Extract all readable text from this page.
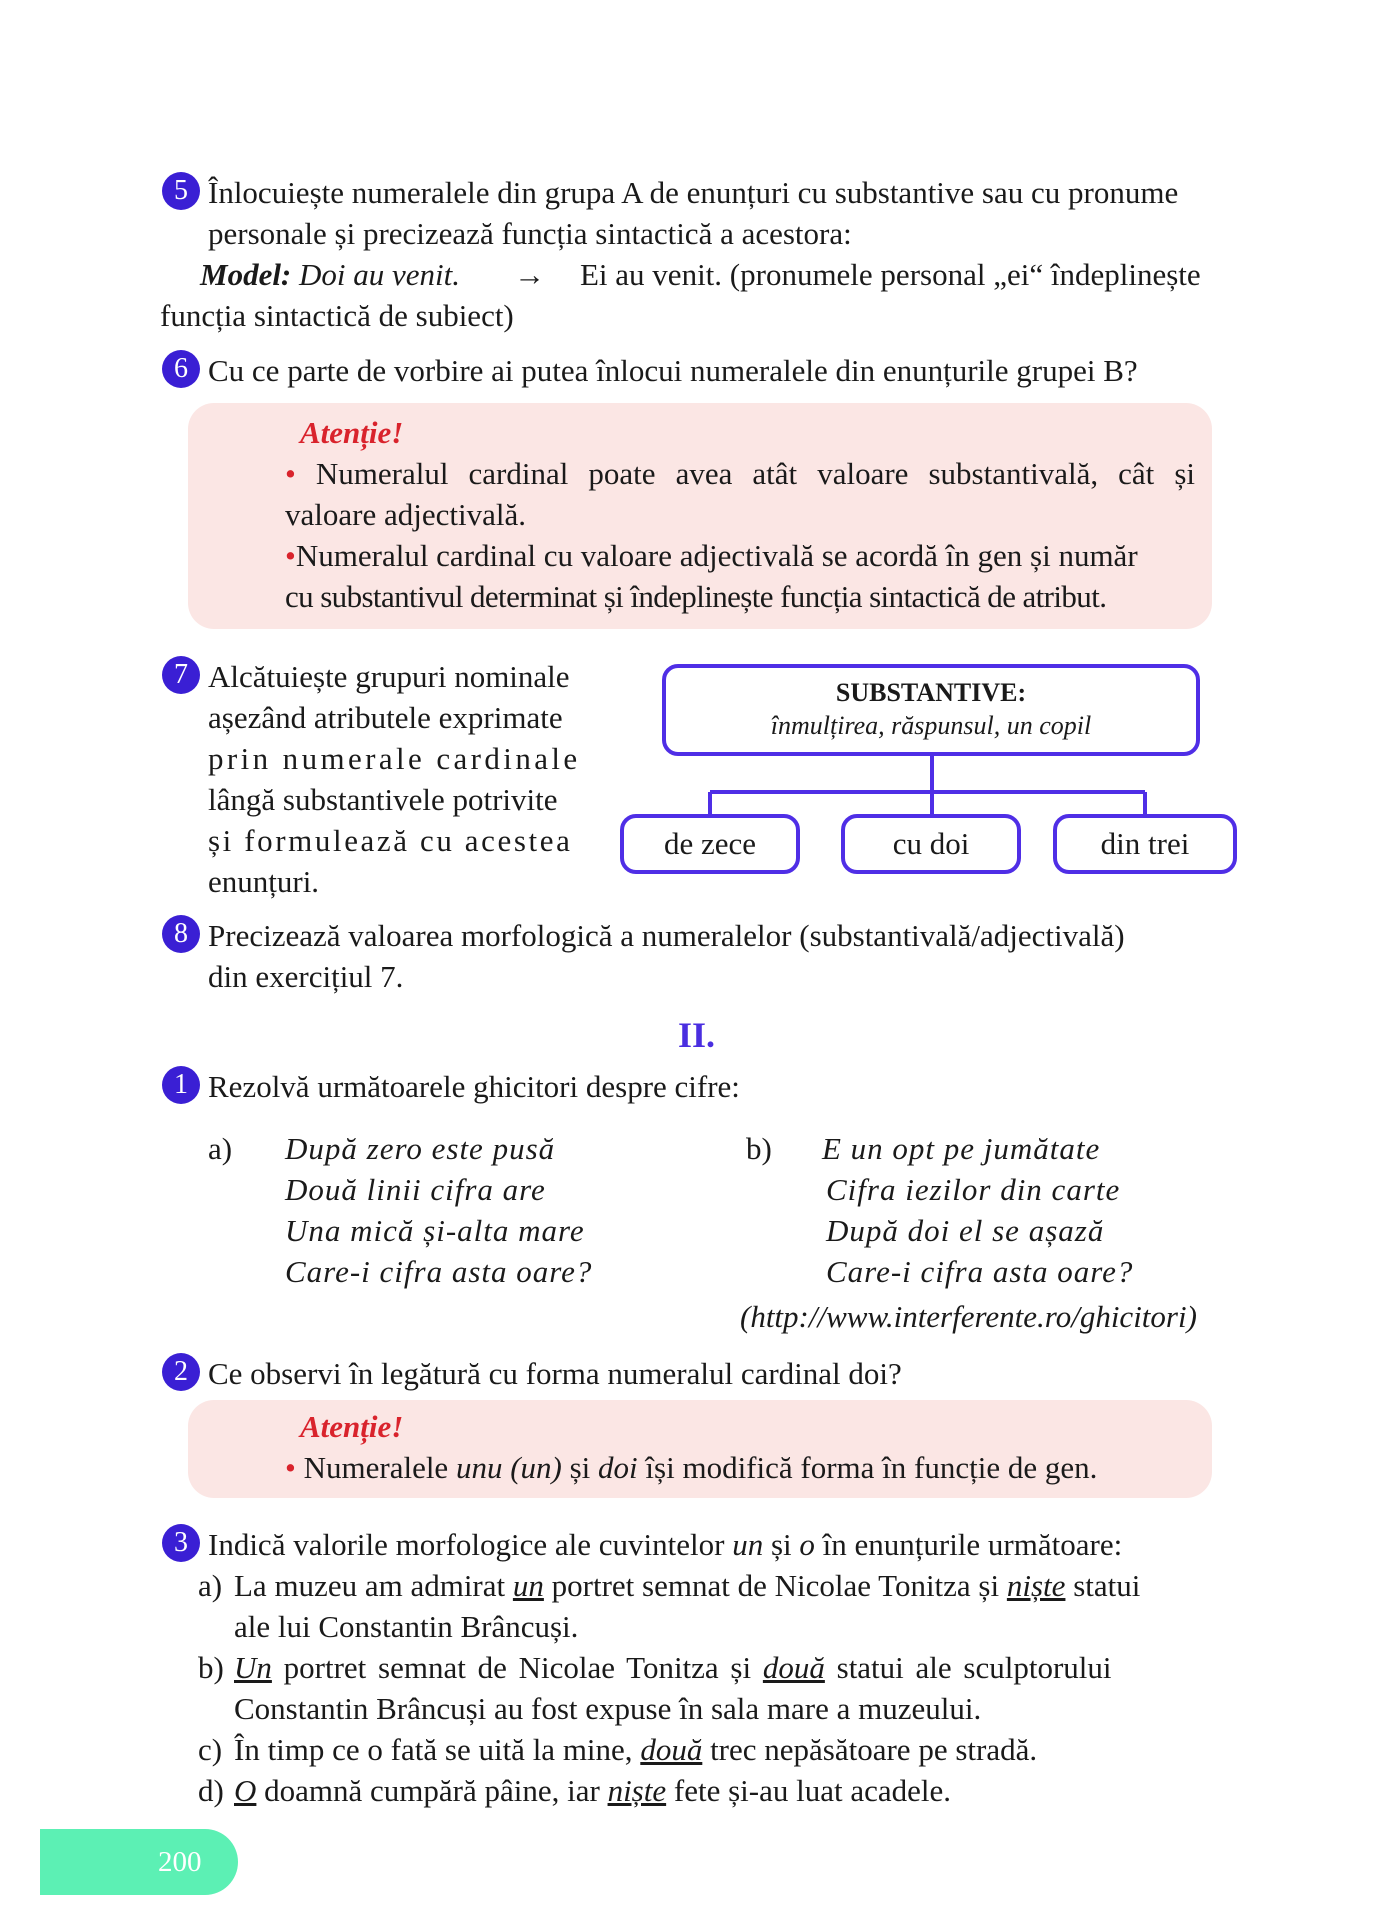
5 Înlocuiește numeralele din grupa A de enunțuri cu substantive sau cu pronume
personale și precizează funcția sintactică a acestora:
Model: Doi au venit. → Ei au venit. (pronumele personal „ei“ îndeplinește
funcția sintactică de subiect)
6 Cu ce parte de vorbire ai putea înlocui numeralele din enunțurile grupei B?
Atenție!
• Numeralul cardinal poate avea atât valoare substantivală, cât și
valoare adjectivală.
•Numeralul cardinal cu valoare adjectivală se acordă în gen și număr
cu substantivul determinat și îndeplinește funcția sintactică de atribut.
7 Alcătuiește grupuri nominale
așezând atributele exprimate
prin numerale cardinale
lângă substantivele potrivite
și formulează cu acestea
enunțuri.
SUBSTANTIVE:
înmulțirea, răspunsul, un copil
de zece	cu doi	din trei
8 Precizează valoarea morfologică a numeralelor (substantivală/adjectivală)
din exercițiul 7.
II.
1 Rezolvă următoarele ghicitori despre cifre:
a) După zero este pusă
Două linii cifra are
Una mică și-alta mare
Care-i cifra asta oare?
b) E un opt pe jumătate
Cifra iezilor din carte
După doi el se așază
Care-i cifra asta oare?
(http://www.interferente.ro/ghicitori)
2 Ce observi în legătură cu forma numeralul cardinal doi?
Atenție!
• Numeralele unu (un) și doi își modifică forma în funcție de gen.
3 Indică valorile morfologice ale cuvintelor un și o în enunțurile următoare:
a) La muzeu am admirat un portret semnat de Nicolae Tonitza și niște statui
ale lui Constantin Brâncuși.
b) Un portret semnat de Nicolae Tonitza și două statui ale sculptorului
Constantin Brâncuși au fost expuse în sala mare a muzeului.
c) În timp ce o fată se uită la mine, două trec nepăsătoare pe stradă.
d) O doamnă cumpără pâine, iar niște fete și-au luat acadele.
200
